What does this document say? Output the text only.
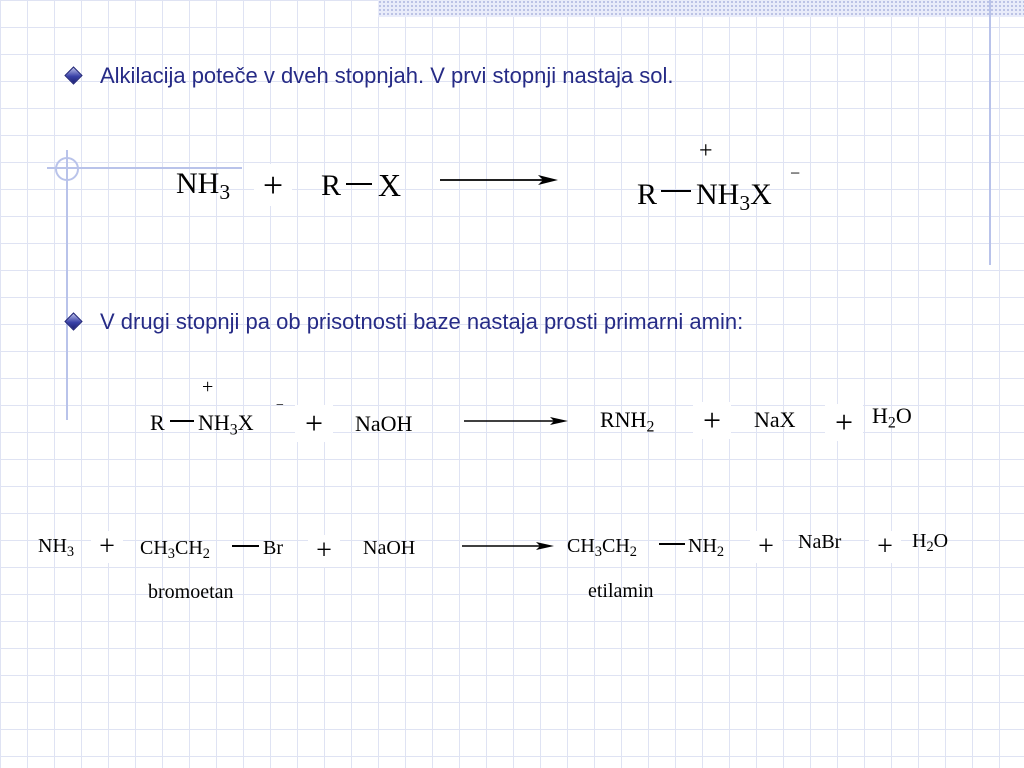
Alkilacija poteče v dveh stopnjah. V prvi stopnji nastaja sol.
$NH_3 + R$ X
+
R $NH_3X$
−
V drugi stopnji pa ob prisotnosti baze nastaja prosti primarni amin:
+
R $NH_3X$
− +	NaOH	$RNH_2$	+	NaX	+ $H_2O$
$NH_3$ +	$CH_3CH_2$	Br
bromoetan
+	NaOH	$CH_3CH_2$	$NH_2$
etilamin
+	NaBr + $H_2O$
